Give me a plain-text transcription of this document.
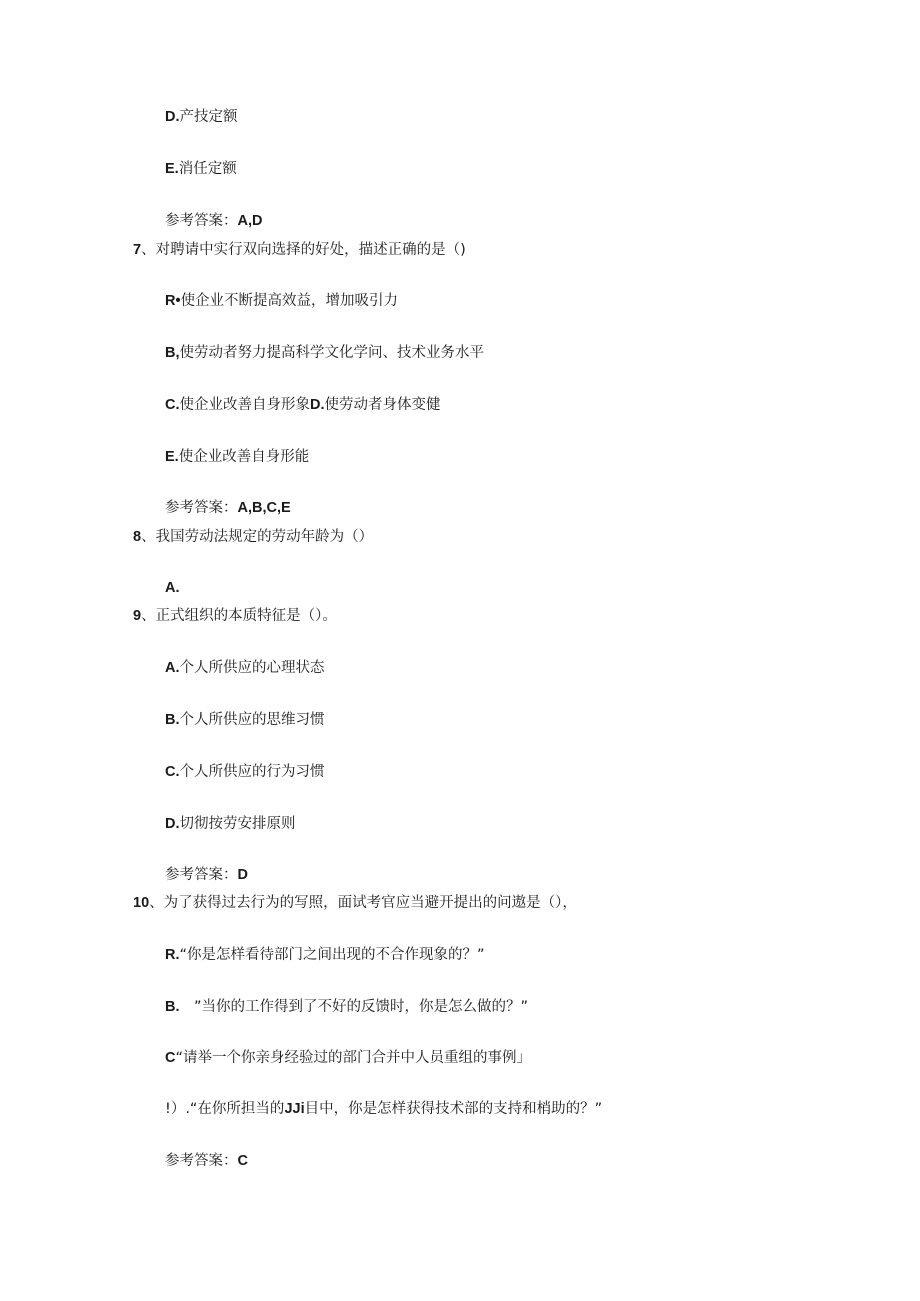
D.产技定额
E.消任定额
参考答案：A,D
7、对聘请中实行双向选择的好处，描述正确的是（)
R•使企业不断提高效益，增加吸引力
B,使劳动者努力提高科学文化学问、技术业务水平
C.使企业改善自身形象D.使劳动者身体变健
E.使企业改善自身形能
参考答案：A,B,C,E
8、我国劳动法规定的劳动年龄为（）
A.
9、正式组织的本质特征是（）。
A.个人所供应的心理状态
B.个人所供应的思维习惯
C.个人所供应的行为习惯
D.切彻按劳安排原则
参考答案：D
10、为了获得过去行为的写照，面试考官应当避开提出的问遨是（），
R.“你是怎样看待部门之间出现的不合作现象的？”
B.　”当你的工作得到了不好的反馈时，你是怎么做的？”
C“请举一个你亲身经验过的部门合并中人员重组的事例」
!）.“在你所担当的JJi目中，你是怎样获得技术部的支持和梢助的？”
参考答案：C
